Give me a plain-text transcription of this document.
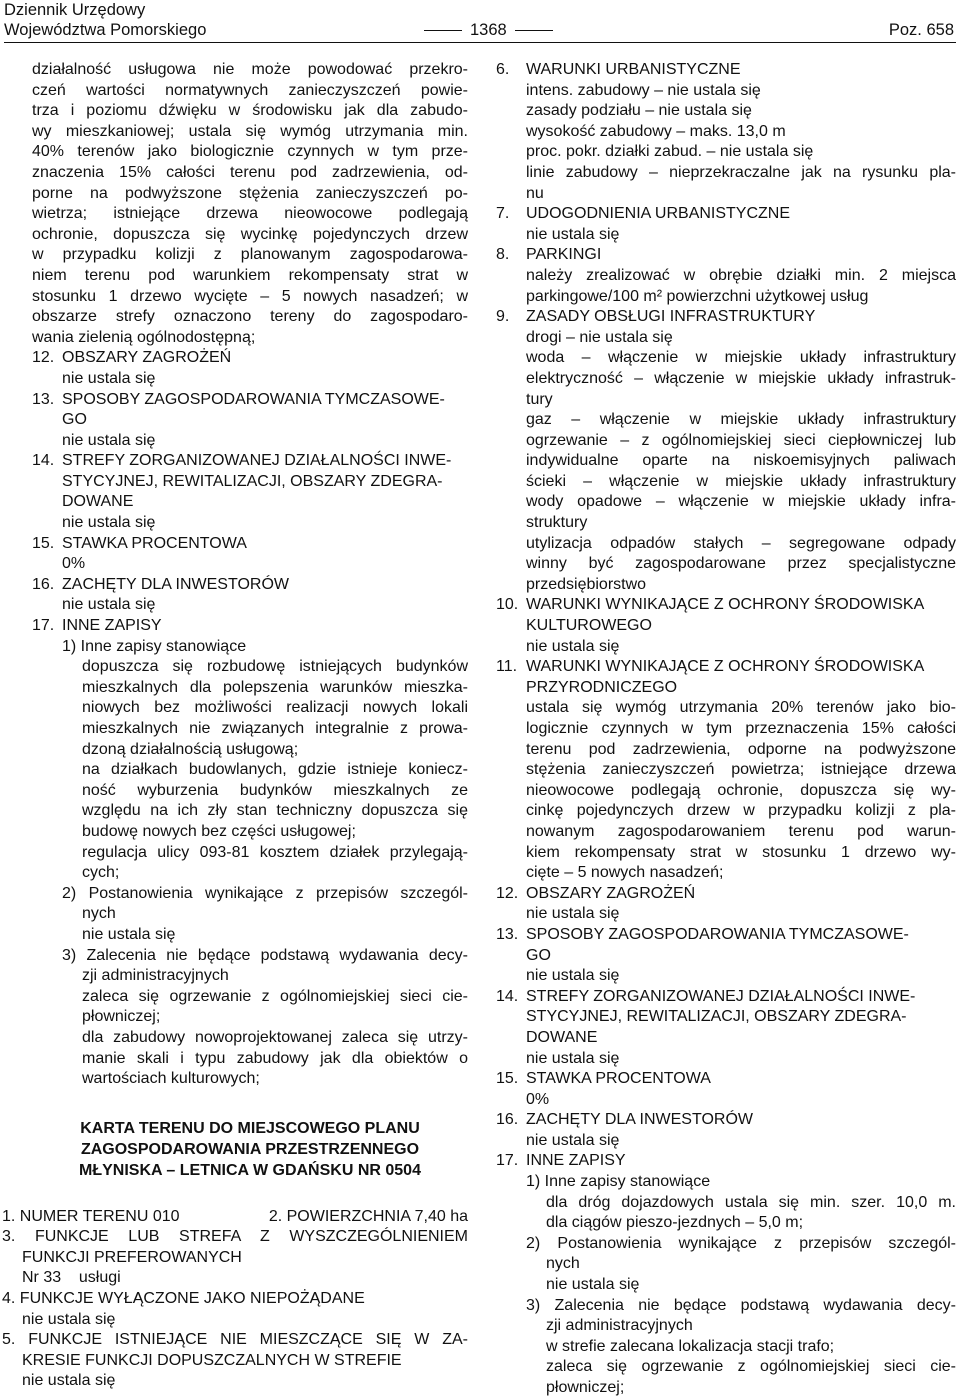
Dziennik Urzędowy
Województwa Pomorskiego	1368	Poz. 658

działalność usługowa nie może powodować przekro-

czeń wartości normatywnych zanieczyszczeń powie-

trza i poziomu dźwięku w środowisku jak dla zabudo-

wy mieszkaniowej; ustala się wymóg utrzymania min.

40% terenów jako biologicznie czynnych w tym prze-

znaczenia 15% całości terenu pod zadrzewienia, od-

porne na podwyższone stężenia zanieczyszczeń po-

wietrza; istniejące drzewa nieowocowe podlegają

ochronie, dopuszcza się wycinkę pojedynczych drzew

w przypadku kolizji z planowanym zagospodarowa-

niem terenu pod warunkiem rekompensaty strat w

stosunku 1 drzewo wycięte – 5 nowych nasadzeń; w

obszarze strefy oznaczono tereny do zagospodaro-

wania zielenią ogólnodostępną;

12. OBSZARY ZAGROŻEŃ

nie ustala się

13. SPOSOBY ZAGOSPODAROWANIA TYMCZASOWE-

GO

nie ustala się

14. STREFY ZORGANIZOWANEJ DZIAŁALNOŚCI INWE-

STYCYJNEJ, REWITALIZACJI, OBSZARY ZDEGRA-

DOWANE

nie ustala się

15. STAWKA PROCENTOWA

0%

16. ZACHĘTY DLA INWESTORÓW

nie ustala się

17. INNE ZAPISY

1) Inne zapisy stanowiące

dopuszcza się rozbudowę istniejących budynków

mieszkalnych dla polepszenia warunków mieszka-

niowych bez możliwości realizacji nowych lokali

mieszkalnych nie związanych integralnie z prowa-

dzoną działalnością usługową;

na działkach budowlanych, gdzie istnieje koniecz-

ność wyburzenia budynków mieszkalnych ze

względu na ich zły stan techniczny dopuszcza się

budowę nowych bez części usługowej;

regulacja ulicy 093-81 kosztem działek przylegają-

cych;

2) Postanowienia wynikające z przepisów szczegól-

nych

nie ustala się

3) Zalecenia nie będące podstawą wydawania decy-

zji administracyjnych

zaleca się ogrzewanie z ogólnomiejskiej sieci cie-

płowniczej;

dla zabudowy nowoprojektowanej zaleca się utrzy-

manie skali i typu zabudowy jak dla obiektów o

wartościach kulturowych;

KARTA TERENU DO MIEJSCOWEGO PLANU
ZAGOSPODAROWANIA PRZESTRZENNEGO
MŁYNISKA – LETNICA W GDAŃSKU NR 0504
1. NUMER TERENU 010	2. POWIERZCHNIA 7,40 ha

3. FUNKCJE LUB STREFA Z WYSZCZEGÓLNIENIEM

FUNKCJI PREFEROWANYCH

Nr 33    usługi

4. FUNKCJE WYŁĄCZONE JAKO NIEPOŻĄDANE

nie ustala się

5. FUNKCJE ISTNIEJĄCE NIE MIESZCZĄCE SIĘ W ZA-

KRESIE FUNKCJI DOPUSZCZALNYCH W STREFIE

nie ustala się

6.	WARUNKI URBANISTYCZNE

intens. zabudowy – nie ustala się

zasady podziału – nie ustala się

wysokość zabudowy – maks. 13,0 m

proc. pokr. działki zabud. – nie ustala się

linie zabudowy – nieprzekraczalne jak na rysunku pla-

nu

7.	UDOGODNIENIA URBANISTYCZNE

nie ustala się

8.	PARKINGI

należy zrealizować w obrębie działki min. 2 miejsca

parkingowe/100 m² powierzchni użytkowej usług

9.	ZASADY OBSŁUGI INFRASTRUKTURY

drogi – nie ustala się

woda – włączenie w miejskie układy infrastruktury

elektryczność – włączenie w miejskie układy infrastruk-

tury

gaz – włączenie w miejskie układy infrastruktury

ogrzewanie – z ogólnomiejskiej sieci ciepłowniczej lub

indywidualne oparte na niskoemisyjnych paliwach

ścieki – włączenie w miejskie układy infrastruktury

wody opadowe – włączenie w miejskie układy infra-

struktury

utylizacja odpadów stałych – segregowane odpady

winny być zagospodarowane przez specjalistyczne

przedsiębiorstwo

10. WARUNKI WYNIKAJĄCE Z OCHRONY ŚRODOWISKA

KULTUROWEGO

nie ustala się

11. WARUNKI WYNIKAJĄCE Z OCHRONY ŚRODOWISKA

PRZYRODNICZEGO

ustala się wymóg utrzymania 20% terenów jako bio-

logicznie czynnych w tym przeznaczenia 15% całości

terenu pod zadrzewienia, odporne na podwyższone

stężenia zanieczyszczeń powietrza; istniejące drzewa

nieowocowe podlegają ochronie, dopuszcza się wy-

cinkę pojedynczych drzew w przypadku kolizji z pla-

nowanym zagospodarowaniem terenu pod warun-

kiem rekompensaty strat w stosunku 1 drzewo wy-

cięte – 5 nowych nasadzeń;

12. OBSZARY ZAGROŻEŃ

nie ustala się

13. SPOSOBY ZAGOSPODAROWANIA TYMCZASOWE-

GO

nie ustala się

14. STREFY ZORGANIZOWANEJ DZIAŁALNOŚCI INWE-

STYCYJNEJ, REWITALIZACJI, OBSZARY ZDEGRA-

DOWANE

nie ustala się

15. STAWKA PROCENTOWA

0%

16. ZACHĘTY DLA INWESTORÓW

nie ustala się

17. INNE ZAPISY

1) Inne zapisy stanowiące

dla dróg dojazdowych ustala się min. szer. 10,0 m.

dla ciągów pieszo-jezdnych – 5,0 m;

2) Postanowienia wynikające z przepisów szczegól-

nych

nie ustala się

3) Zalecenia nie będące podstawą wydawania decy-

zji administracyjnych

w strefie zalecana lokalizacja stacji trafo;

zaleca się ogrzewanie z ogólnomiejskiej sieci cie-

płowniczej;
